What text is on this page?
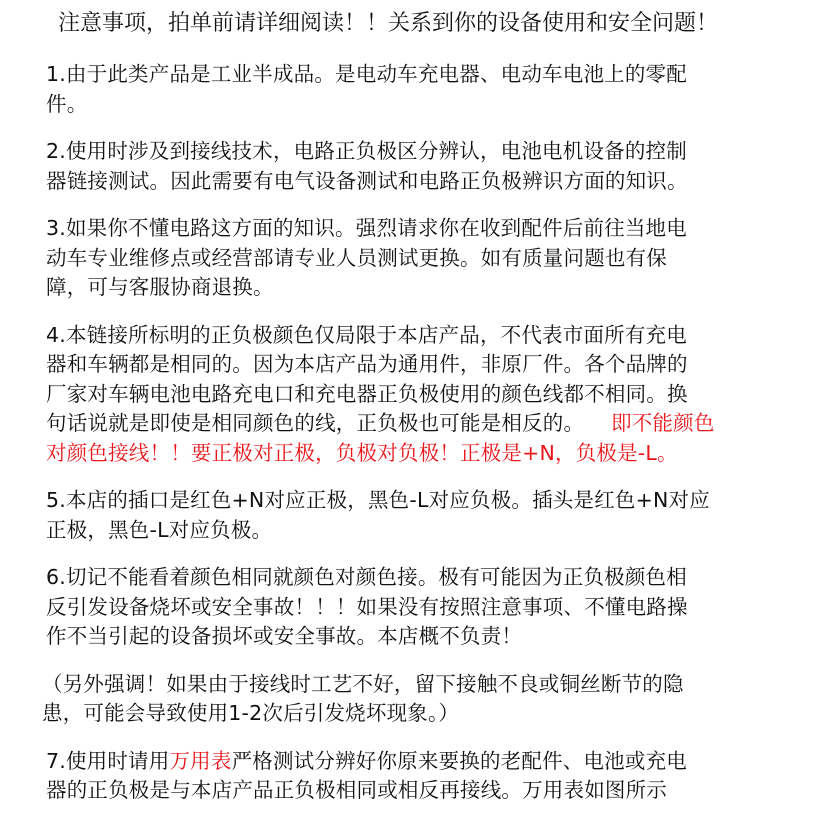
注意事项，拍单前请详细阅读！！关系到你的设备使用和安全问题！
1.由于此类产品是工业半成品。是电动车充电器、电动车电池上的零配
件。
2.使用时涉及到接线技术，电路正负极区分辨认，电池电机设备的控制
器链接测试。因此需要有电气设备测试和电路正负极辨识方面的知识。
3.如果你不懂电路这方面的知识。强烈请求你在收到配件后前往当地电
动车专业维修点或经营部请专业人员测试更换。如有质量问题也有保
障，可与客服协商退换。
4.本链接所标明的正负极颜色仅局限于本店产品，不代表市面所有充电
器和车辆都是相同的。因为本店产品为通用件，非原厂件。各个品牌的
厂家对车辆电池电路充电口和充电器正负极使用的颜色线都不相同。换
句话说就是即使是相同颜色的线，正负极也可能是相反的。 即不能颜色
对颜色接线！！要正极对正极，负极对负极！正极是+N，负极是-L。
5.本店的插口是红色+N对应正极，黑色-L对应负极。插头是红色+N对应
正极，黑色-L对应负极。
6.切记不能看着颜色相同就颜色对颜色接。极有可能因为正负极颜色相
反引发设备烧坏或安全事故！！！如果没有按照注意事项、不懂电路操
作不当引起的设备损坏或安全事故。本店概不负责！
（另外强调！如果由于接线时工艺不好，留下接触不良或铜丝断节的隐
患，可能会导致使用1-2次后引发烧坏现象。）
7.使用时请用万用表严格测试分辨好你原来要换的老配件、电池或充电
器的正负极是与本店产品正负极相同或相反再接线。万用表如图所示
